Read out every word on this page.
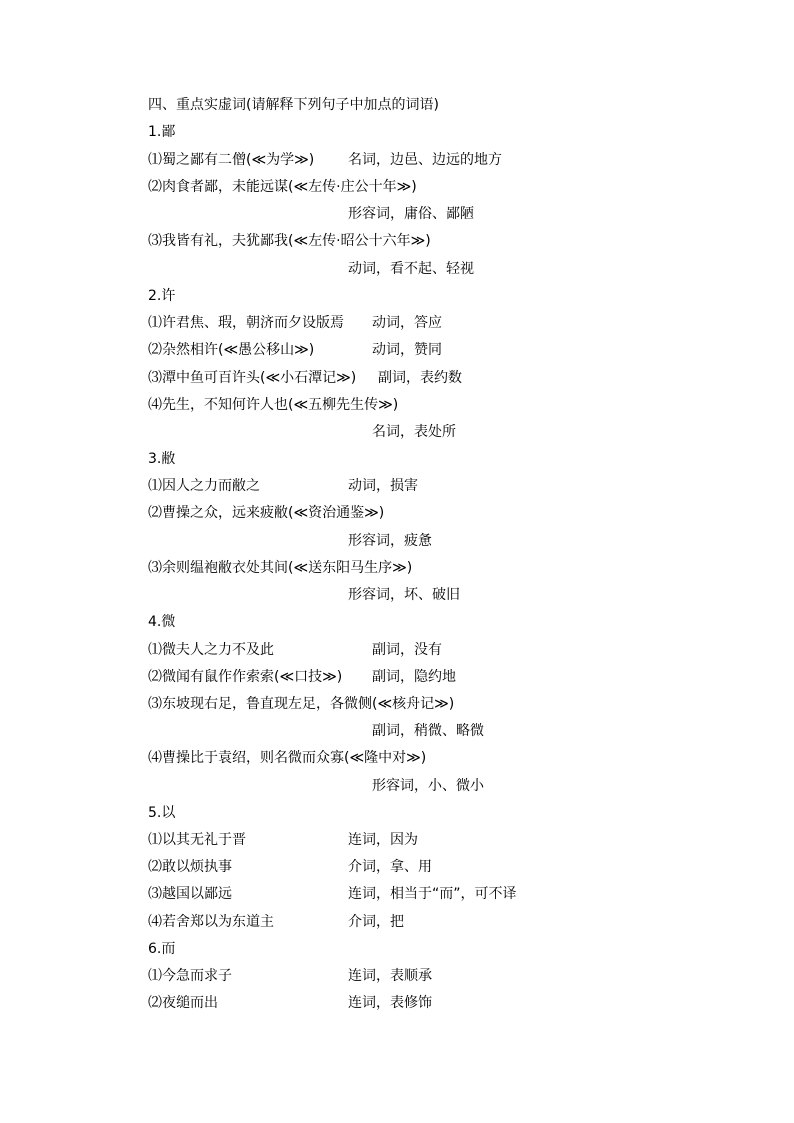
四、重点实虚词(请解释下列句子中加点的词语)
1.鄙
⑴蜀之鄙有二僧(≪为学≫) 名词，边邑、边远的地方
⑵肉食者鄙，未能远谋(≪左传·庄公十年≫)
形容词，庸俗、鄙陋
⑶我皆有礼，夫犹鄙我(≪左传·昭公十六年≫)
动词，看不起、轻视
2.许
⑴许君焦、瑕，朝济而夕设版焉 动词，答应
⑵杂然相许(≪愚公移山≫)	动词，赞同
⑶潭中鱼可百许头(≪小石潭记≫) 副词，表约数
⑷先生，不知何许人也(≪五柳先生传≫)
名词，表处所
3.敝
⑴因人之力而敝之	动词，损害
⑵曹操之众，远来疲敝(≪资治通鉴≫)
形容词，疲惫
⑶余则缊袍敝衣处其间(≪送东阳马生序≫)
形容词，坏、破旧
4.微
⑴微夫人之力不及此	副词，没有
⑵微闻有鼠作作索索(≪口技≫) 副词，隐约地
⑶东坡现右足，鲁直现左足，各微侧(≪核舟记≫)
副词，稍微、略微
⑷曹操比于袁绍，则名微而众寡(≪隆中对≫)
形容词，小、微小
5.以
⑴以其无礼于晋	连词，因为
⑵敢以烦执事	介词，拿、用
⑶越国以鄙远	连词，相当于“而”，可不译
⑷若舍郑以为东道主	介词，把
6.而
⑴今急而求子	连词，表顺承
⑵夜缒而出	连词，表修饰
